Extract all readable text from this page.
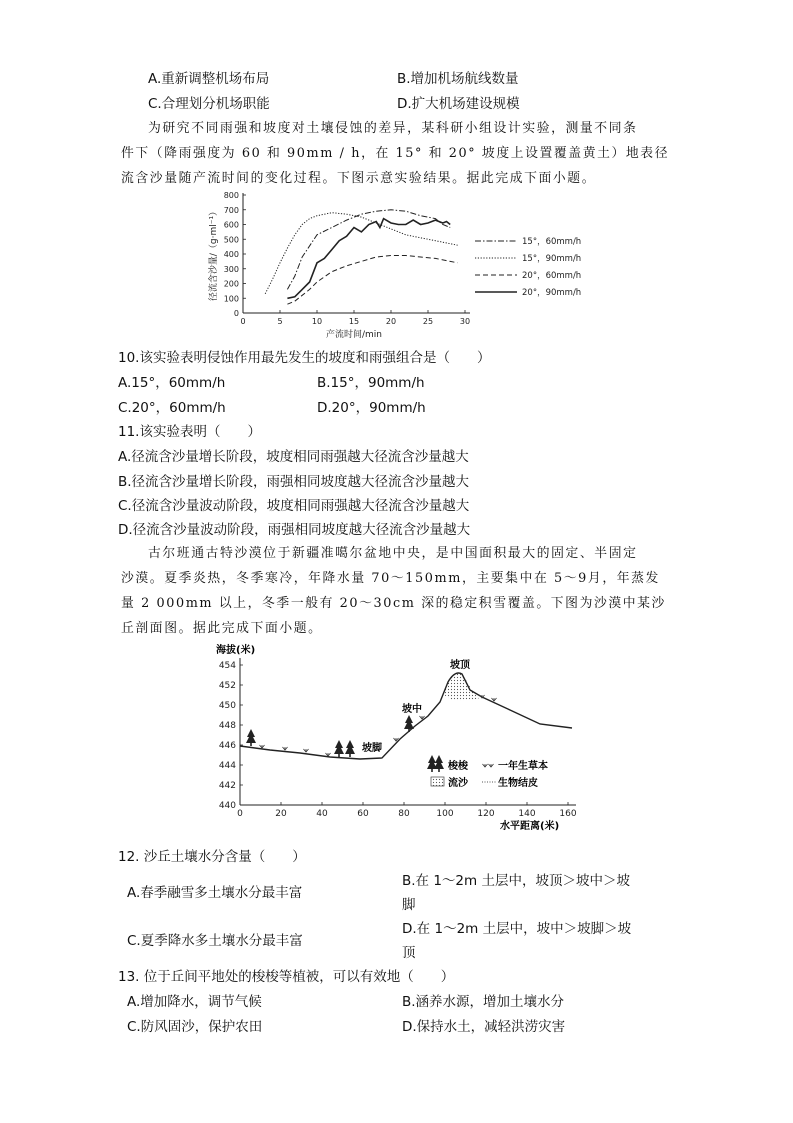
A.重新调整机场布局	B.增加机场航线数量
C.合理划分机场职能	D.扩大机场建设规模
为研究不同雨强和坡度对土壤侵蚀的差异，某科研小组设计实验，测量不同条
件下（降雨强度为 60 和 90mm / h，在 15° 和 20° 坡度上设置覆盖黄土）地表径
流含沙量随产流时间的变化过程。下图示意实验结果。据此完成下面小题。
0
100
200
300
400
500
600
700
800
0	5	10	15	20	25	30
产流时间/min
径流含沙量/（g·ml⁻¹）	15°，60mm/h
15°，90mm/h
20°，60mm/h
20°，90mm/h
10.该实验表明侵蚀作用最先发生的坡度和雨强组合是（　　）
A.15°，60mm/h	B.15°，90mm/h
C.20°，60mm/h	D.20°，90mm/h
11.该实验表明（　　）
A.径流含沙量增长阶段，坡度相同雨强越大径流含沙量越大
B.径流含沙量增长阶段，雨强相同坡度越大径流含沙量越大
C.径流含沙量波动阶段，坡度相同雨强越大径流含沙量越大
D.径流含沙量波动阶段，雨强相同坡度越大径流含沙量越大
古尔班通古特沙漠位于新疆准噶尔盆地中央，是中国面积最大的固定、半固定
沙漠。夏季炎热，冬季寒冷，年降水量 70～150mm，主要集中在 5～9月，年蒸发
量 2 000mm 以上，冬季一般有 20～30cm 深的稳定积雪覆盖。下图为沙漠中某沙
丘剖面图。据此完成下面小题。
海拔(米)
454
452
450
448
446
444
442
440
0	20	40	60	80	100	120	140	160
水平距离(米)
坡顶
坡中
坡脚
梭梭	一年生草本
流沙	生物结皮
12. 沙丘土壤水分含量（　　）
A.春季融雪多土壤水分最丰富
B.在 1～2m 土层中，坡顶＞坡中＞坡
脚
C.夏季降水多土壤水分最丰富
D.在 1～2m 土层中，坡中＞坡脚＞坡
顶
13. 位于丘间平地处的梭梭等植被，可以有效地（　　）
A.增加降水，调节气候	B.涵养水源，增加土壤水分
C.防风固沙，保护农田	D.保持水土，减轻洪涝灾害
